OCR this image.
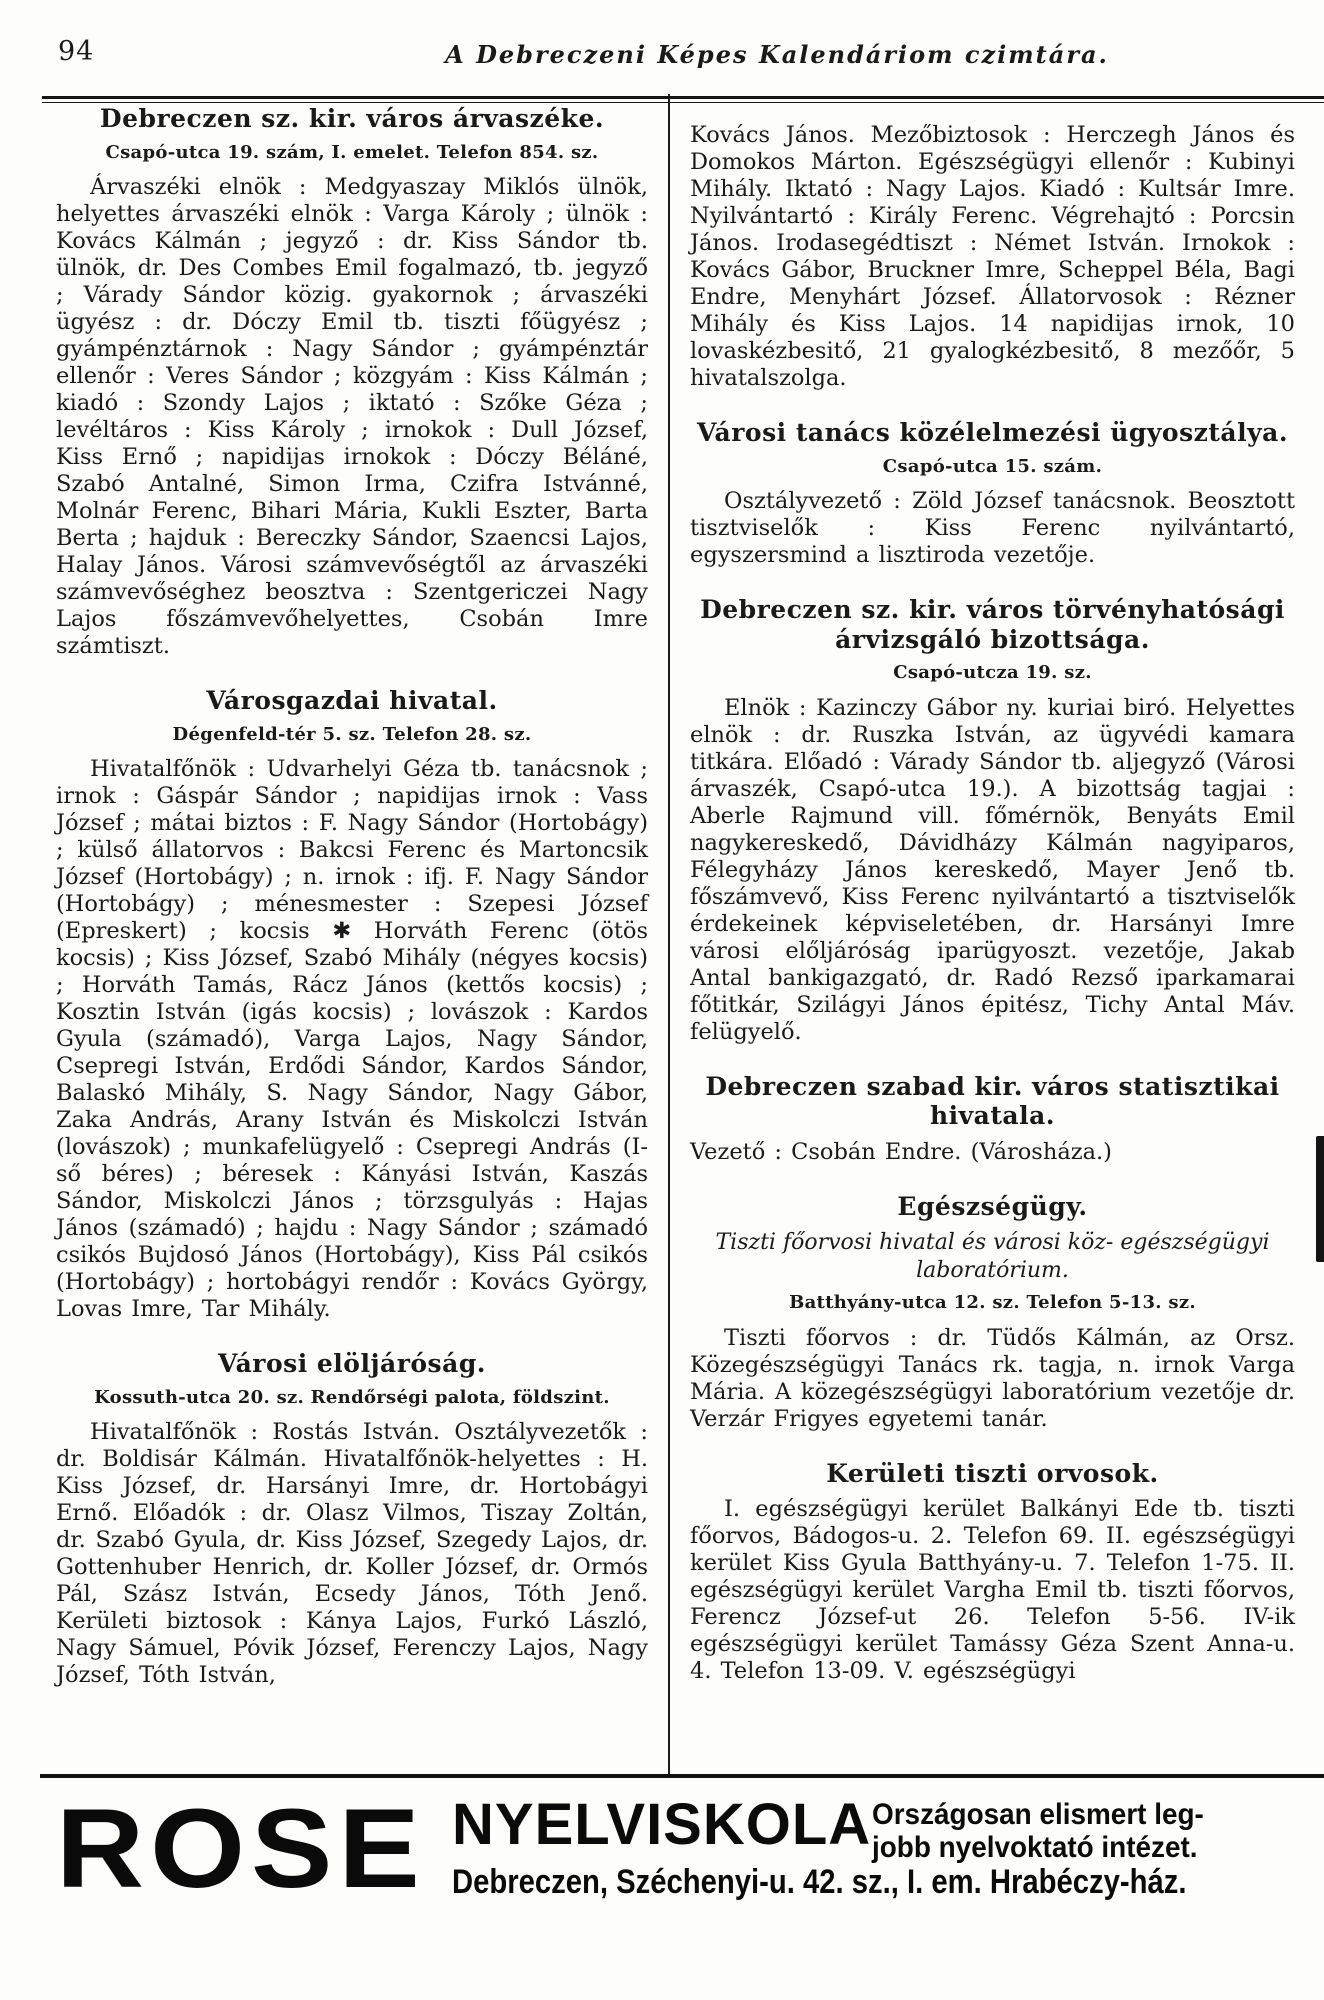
94	A Debreczeni Képes Kalendáriom czimtára.
Debreczen sz. kir. város árvaszéke.

Csapó-utca 19. szám, I. emelet. Telefon 854. sz.

Árvaszéki elnök : Medgyaszay Miklós ülnök, helyettes árvaszéki elnök : Varga Károly ; ülnök : Kovács Kálmán ; jegyző : dr. Kiss Sándor tb. ülnök, dr. Des Combes Emil fogalmazó, tb. jegyző ; Várady Sándor közig. gyakornok ; árvaszéki ügyész : dr. Dóczy Emil tb. tiszti főügyész ; gyámpénztárnok : Nagy Sándor ; gyámpénztár ellenőr : Veres Sándor ; közgyám : Kiss Kálmán ; kiadó : Szondy Lajos ; iktató : Szőke Géza ; levéltáros : Kiss Károly ; irnokok : Dull József, Kiss Ernő ; napidijas irnokok : Dóczy Béláné, Szabó Antalné, Simon Irma, Czifra Istvánné, Molnár Ferenc, Bihari Mária, Kukli Eszter, Barta Berta ; hajduk : Bereczky Sándor, Szaencsi Lajos, Halay János. Városi számvevőségtől az árvaszéki számvevőséghez beosztva : Szentgericzei Nagy Lajos főszámvevőhelyettes, Csobán Imre számtiszt.

Városgazdai hivatal.

Dégenfeld-tér 5. sz. Telefon 28. sz.

Hivatalfőnök : Udvarhelyi Géza tb. tanácsnok ; irnok : Gáspár Sándor ; napidijas irnok : Vass József ; mátai biztos : F. Nagy Sándor (Hortobágy) ; külső állatorvos : Bakcsi Ferenc és Martoncsik József (Hortobágy) ; n. irnok : ifj. F. Nagy Sándor (Hortobágy) ; ménesmester : Szepesi József (Epreskert) ; kocsis ✱ Horváth Ferenc (ötös kocsis) ; Kiss József, Szabó Mihály (négyes kocsis) ; Horváth Tamás, Rácz János (kettős kocsis) ; Kosztin István (igás kocsis) ; lovászok : Kardos Gyula (számadó), Varga Lajos, Nagy Sándor, Csepregi István, Erdődi Sándor, Kardos Sándor, Balaskó Mihály, S. Nagy Sándor, Nagy Gábor, Zaka András, Arany István és Miskolczi István (lovászok) ; munkafelügyelő : Csepregi András (I-ső béres) ; béresek : Kányási István, Kaszás Sándor, Miskolczi János ; törzsgulyás : Hajas János (számadó) ; hajdu : Nagy Sándor ; számadó csikós Bujdosó János (Hortobágy), Kiss Pál csikós (Hortobágy) ; hortobágyi rendőr : Kovács György, Lovas Imre, Tar Mihály.

Városi elöljáróság.

Kossuth-utca 20. sz. Rendőrségi palota, földszint.

Hivatalfőnök : Rostás István. Osztályvezetők : dr. Boldisár Kálmán. Hivatalfőnök-helyettes : H. Kiss József, dr. Harsányi Imre, dr. Hortobágyi Ernő. Előadók : dr. Olasz Vilmos, Tiszay Zoltán, dr. Szabó Gyula, dr. Kiss József, Szegedy Lajos, dr. Gottenhuber Henrich, dr. Koller József, dr. Ormós Pál, Szász István, Ecsedy János, Tóth Jenő. Kerületi biztosok : Kánya Lajos, Furkó László, Nagy Sámuel, Póvik József, Ferenczy Lajos, Nagy József, Tóth István,

Kovács János. Mezőbiztosok : Herczegh János és Domokos Márton. Egészségügyi ellenőr : Kubinyi Mihály. Iktató : Nagy Lajos. Kiadó : Kultsár Imre. Nyilvántartó : Király Ferenc. Végrehajtó : Porcsin János. Irodasegédtiszt : Német István. Irnokok : Kovács Gábor, Bruckner Imre, Scheppel Béla, Bagi Endre, Menyhárt József. Állatorvosok : Rézner Mihály és Kiss Lajos. 14 napidijas irnok, 10 lovaskézbesitő, 21 gyalogkézbesitő, 8 mezőőr, 5 hivatalszolga.

Városi tanács közélelmezési ügyosztálya.

Csapó-utca 15. szám.

Osztályvezető : Zöld József tanácsnok. Beosztott tisztviselők : Kiss Ferenc nyilvántartó, egyszersmind a lisztiroda vezetője.

Debreczen sz. kir. város törvényhatósági árvizsgáló bizottsága.

Csapó-utcza 19. sz.

Elnök : Kazinczy Gábor ny. kuriai biró. Helyettes elnök : dr. Ruszka István, az ügyvédi kamara titkára. Előadó : Várady Sándor tb. aljegyző (Városi árvaszék, Csapó-utca 19.). A bizottság tagjai : Aberle Rajmund vill. főmérnök, Benyáts Emil nagykereskedő, Dávidházy Kálmán nagyiparos, Félegyházy János kereskedő, Mayer Jenő tb. főszámvevő, Kiss Ferenc nyilvántartó a tisztviselők érdekeinek képviseletében, dr. Harsányi Imre városi előljáróság iparügyoszt. vezetője, Jakab Antal bankigazgató, dr. Radó Rezső iparkamarai főtitkár, Szilágyi János épitész, Tichy Antal Máv. felügyelő.

Debreczen szabad kir. város statisztikai hivatala.

Vezető : Csobán Endre. (Városháza.)

Egészségügy.

Tiszti főorvosi hivatal és városi köz- egészségügyi laboratórium.

Batthyány-utca 12. sz. Telefon 5-13. sz.

Tiszti főorvos : dr. Tüdős Kálmán, az Orsz. Közegészségügyi Tanács rk. tagja, n. irnok Varga Mária. A közegészségügyi laboratórium vezetője dr. Verzár Frigyes egyetemi tanár.

Kerületi tiszti orvosok.

I. egészségügyi kerület Balkányi Ede tb. tiszti főorvos, Bádogos-u. 2. Telefon 69. II. egészségügyi kerület Kiss Gyula Batthyány-u. 7. Telefon 1-75. II. egészségügyi kerület Vargha Emil tb. tiszti főorvos, Ferencz József-ut 26. Telefon 5-56. IV-ik egészségügyi kerület Tamássy Géza Szent Anna-u. 4. Telefon 13-09. V. egészségügyi

ROSE NYELVISKOLA Országosan elismert leg-
jobb nyelvoktató intézet.
Debreczen, Széchenyi-u. 42. sz., I. em. Hrabéczy-ház.
